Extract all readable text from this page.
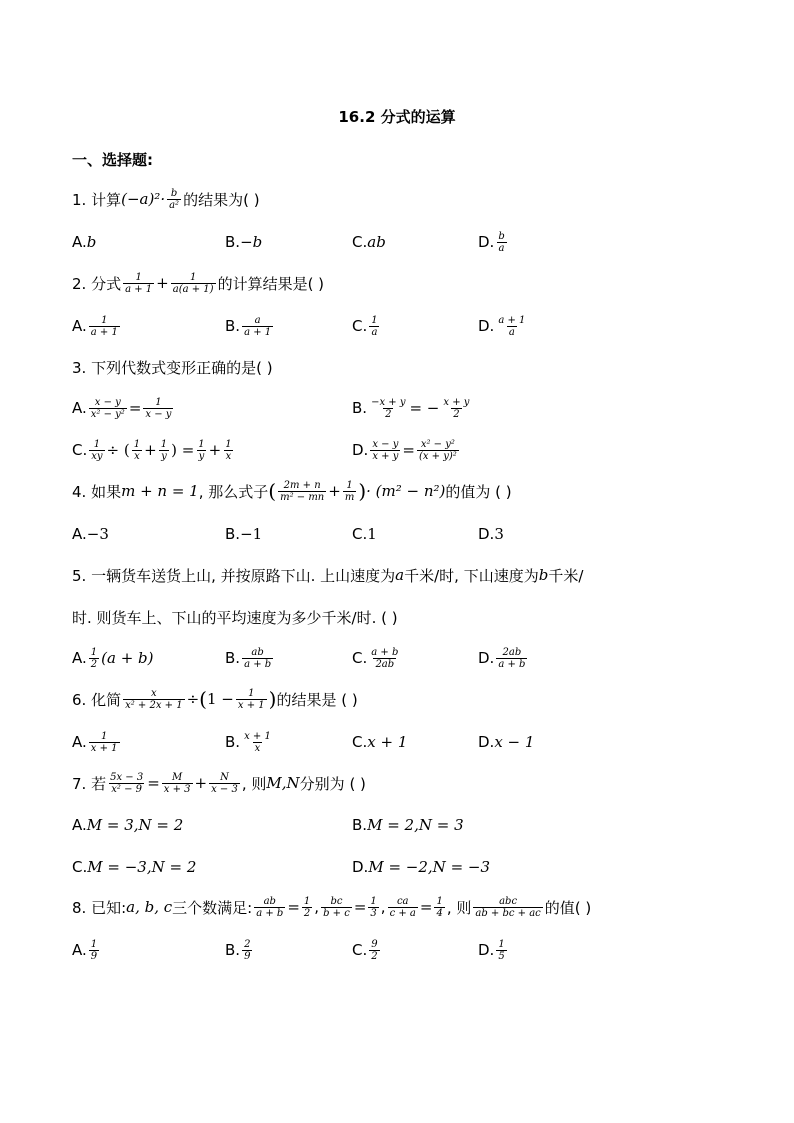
16.2 分式的运算
一、选择题:
1. 计算 $(-a)^2\cdot \frac{b}{\text{a²}}$ 的结果为( )
A. b	B. −b	C. ab	D. $\frac{b}{a}$
2. 分式 $\frac{1}{a + 1} + \frac{1}{a(a + 1)}$ 的计算结果是( )
A. $\frac{1}{a + 1}$	B. $\frac{a}{a + 1}$	C. $\frac{1}{a}$	D. $\frac{a + 1}{a}$
3. 下列代数式变形正确的是( )
A. $\frac{x - y}{\text{x² − y²}} = \frac{1}{x - y}$	B. $\frac{-x + y}{2}$ = − $\frac{x + y}{2}$
C. $\frac{1}{xy}$ ÷ ( $\frac{1}{x} + \frac{1}{y}$ ) = $\frac{1}{y} + \frac{1}{x}$	D. $\frac{x - y}{x + y} = \frac{\text{x² − y²}}{\text{(x + y)²}}$
4. 如果 m + n = 1 , 那么式子 ( $\frac{2m + n}{\text{m² − mn}} + \frac{1}{m}$ ) · (m² − n²) 的值为 ( )
A. −3	B. −1	C. 1	D. 3
5. 一辆货车送货上山, 并按原路下山. 上山速度为 a 千米/时, 下山速度为 b 千米/
时. 则货车上、下山的平均速度为多少千米/时. ( )
A. $\frac{1}{2} (a + b)$	B. $\frac{ab}{a + b}$	C. $\frac{a + b}{2ab}$	D. $\frac{2ab}{a + b}$
6. 化简 $\frac{x}{\text{x² + 2x + 1}}$ ÷ ( $1 - \frac{1}{x + 1}$ ) 的结果是 ( )
A. $\frac{1}{x + 1}$	B. $\frac{x + 1}{x}$	C. x + 1	D. x − 1
7. 若 $\frac{5x - 3}{\text{x² − 9}} = \frac{M}{x + 3} + \frac{N}{x - 3}$ , 则 M,N 分别为 ( )
A. M = 3,N = 2	B. M = 2,N = 3
C. M = −3,N = 2	D. M = −2,N = −3
8. 已知: a, b, c 三个数满足: $\frac{ab}{a + b} = \frac{1}{2}$ , $\frac{bc}{b + c} = \frac{1}{3}$ , $\frac{ca}{c + a} = \frac{1}{4}$ , 则 $\frac{\text{abc}}{ab + bc + ac}$ 的值( )
A. $\frac{1}{9}$	B. $\frac{2}{9}$	C. $\frac{9}{2}$	D. $\frac{1}{5}$
